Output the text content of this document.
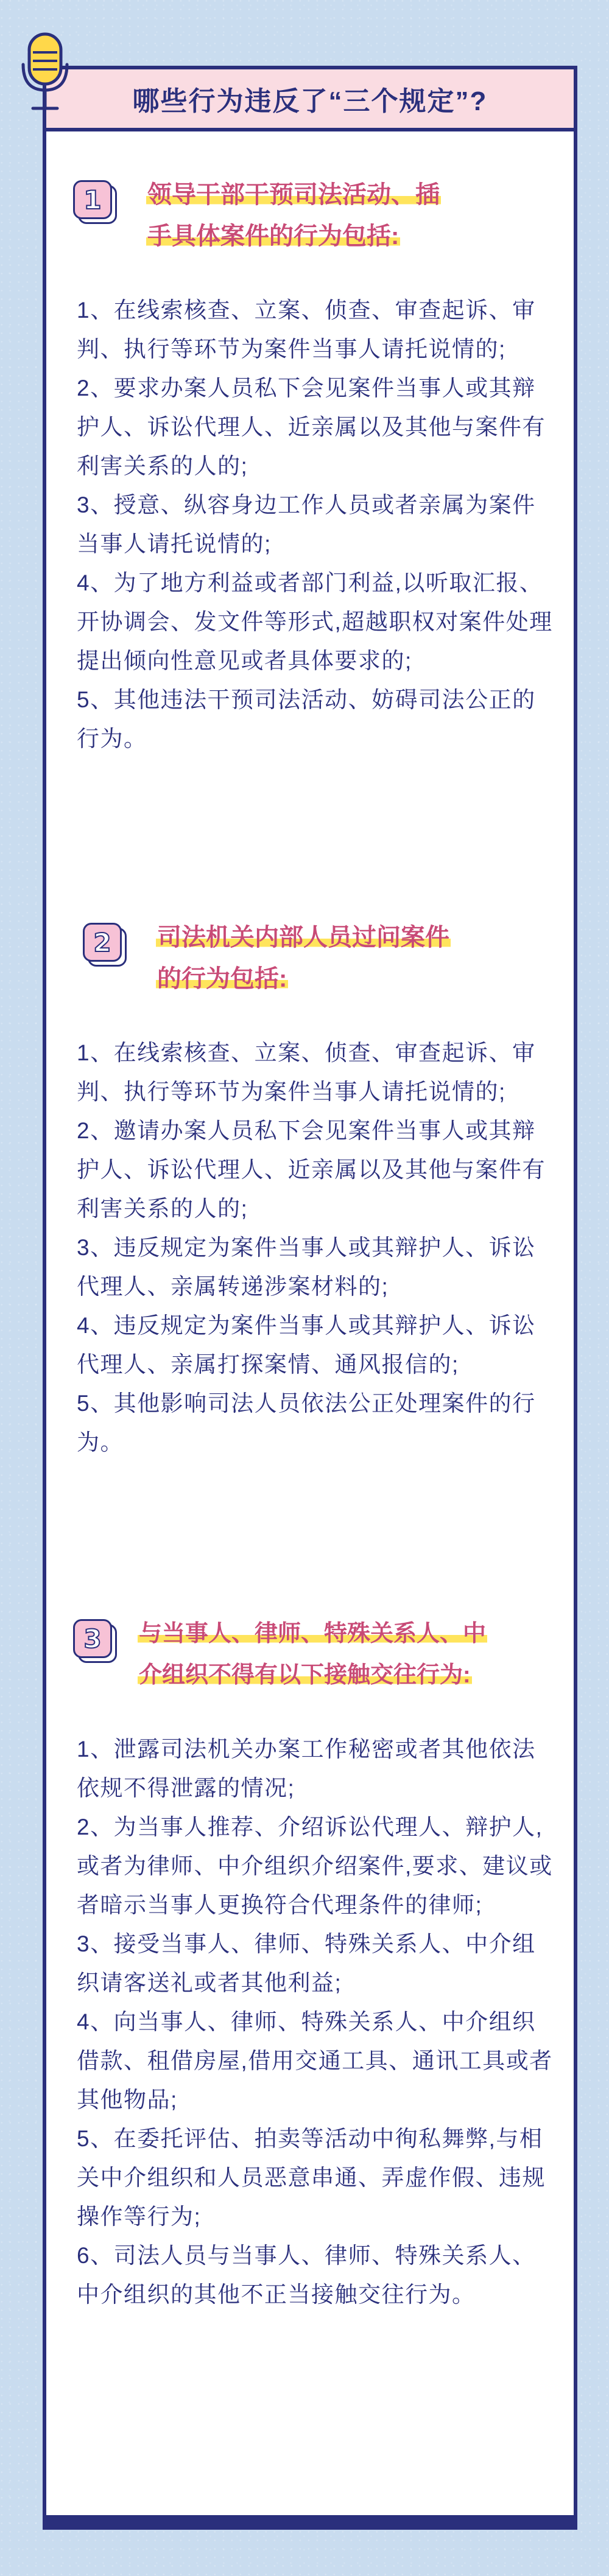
1	领导干部干预司法活动、插
手具体案件的行为包括:

1、在线索核查、立案、侦查、审查起诉、审判、执行等环节为案件当事人请托说情的;

2、要求办案人员私下会见案件当事人或其辩护人、诉讼代理人、近亲属以及其他与案件有利害关系的人的;

3、授意、纵容身边工作人员或者亲属为案件当事人请托说情的;

4、为了地方利益或者部门利益,以听取汇报、开协调会、发文件等形式,超越职权对案件处理提出倾向性意见或者具体要求的;

5、其他违法干预司法活动、妨碍司法公正的行为。

2	司法机关内部人员过问案件
的行为包括:

1、在线索核查、立案、侦查、审查起诉、审判、执行等环节为案件当事人请托说情的;

2、邀请办案人员私下会见案件当事人或其辩护人、诉讼代理人、近亲属以及其他与案件有利害关系的人的;

3、违反规定为案件当事人或其辩护人、诉讼代理人、亲属转递涉案材料的;

4、违反规定为案件当事人或其辩护人、诉讼代理人、亲属打探案情、通风报信的;

5、其他影响司法人员依法公正处理案件的行为。

3	与当事人、律师、特殊关系人、中
介组织不得有以下接触交往行为:

1、泄露司法机关办案工作秘密或者其他依法依规不得泄露的情况;

2、为当事人推荐、介绍诉讼代理人、辩护人,或者为律师、中介组织介绍案件,要求、建议或者暗示当事人更换符合代理条件的律师;

3、接受当事人、律师、特殊关系人、中介组织请客送礼或者其他利益;

4、向当事人、律师、特殊关系人、中介组织借款、租借房屋,借用交通工具、通讯工具或者其他物品;

5、在委托评估、拍卖等活动中徇私舞弊,与相关中介组织和人员恶意串通、弄虚作假、违规操作等行为;

6、司法人员与当事人、律师、特殊关系人、中介组织的其他不正当接触交往行为。

哪些行为违反了“三个规定”?
